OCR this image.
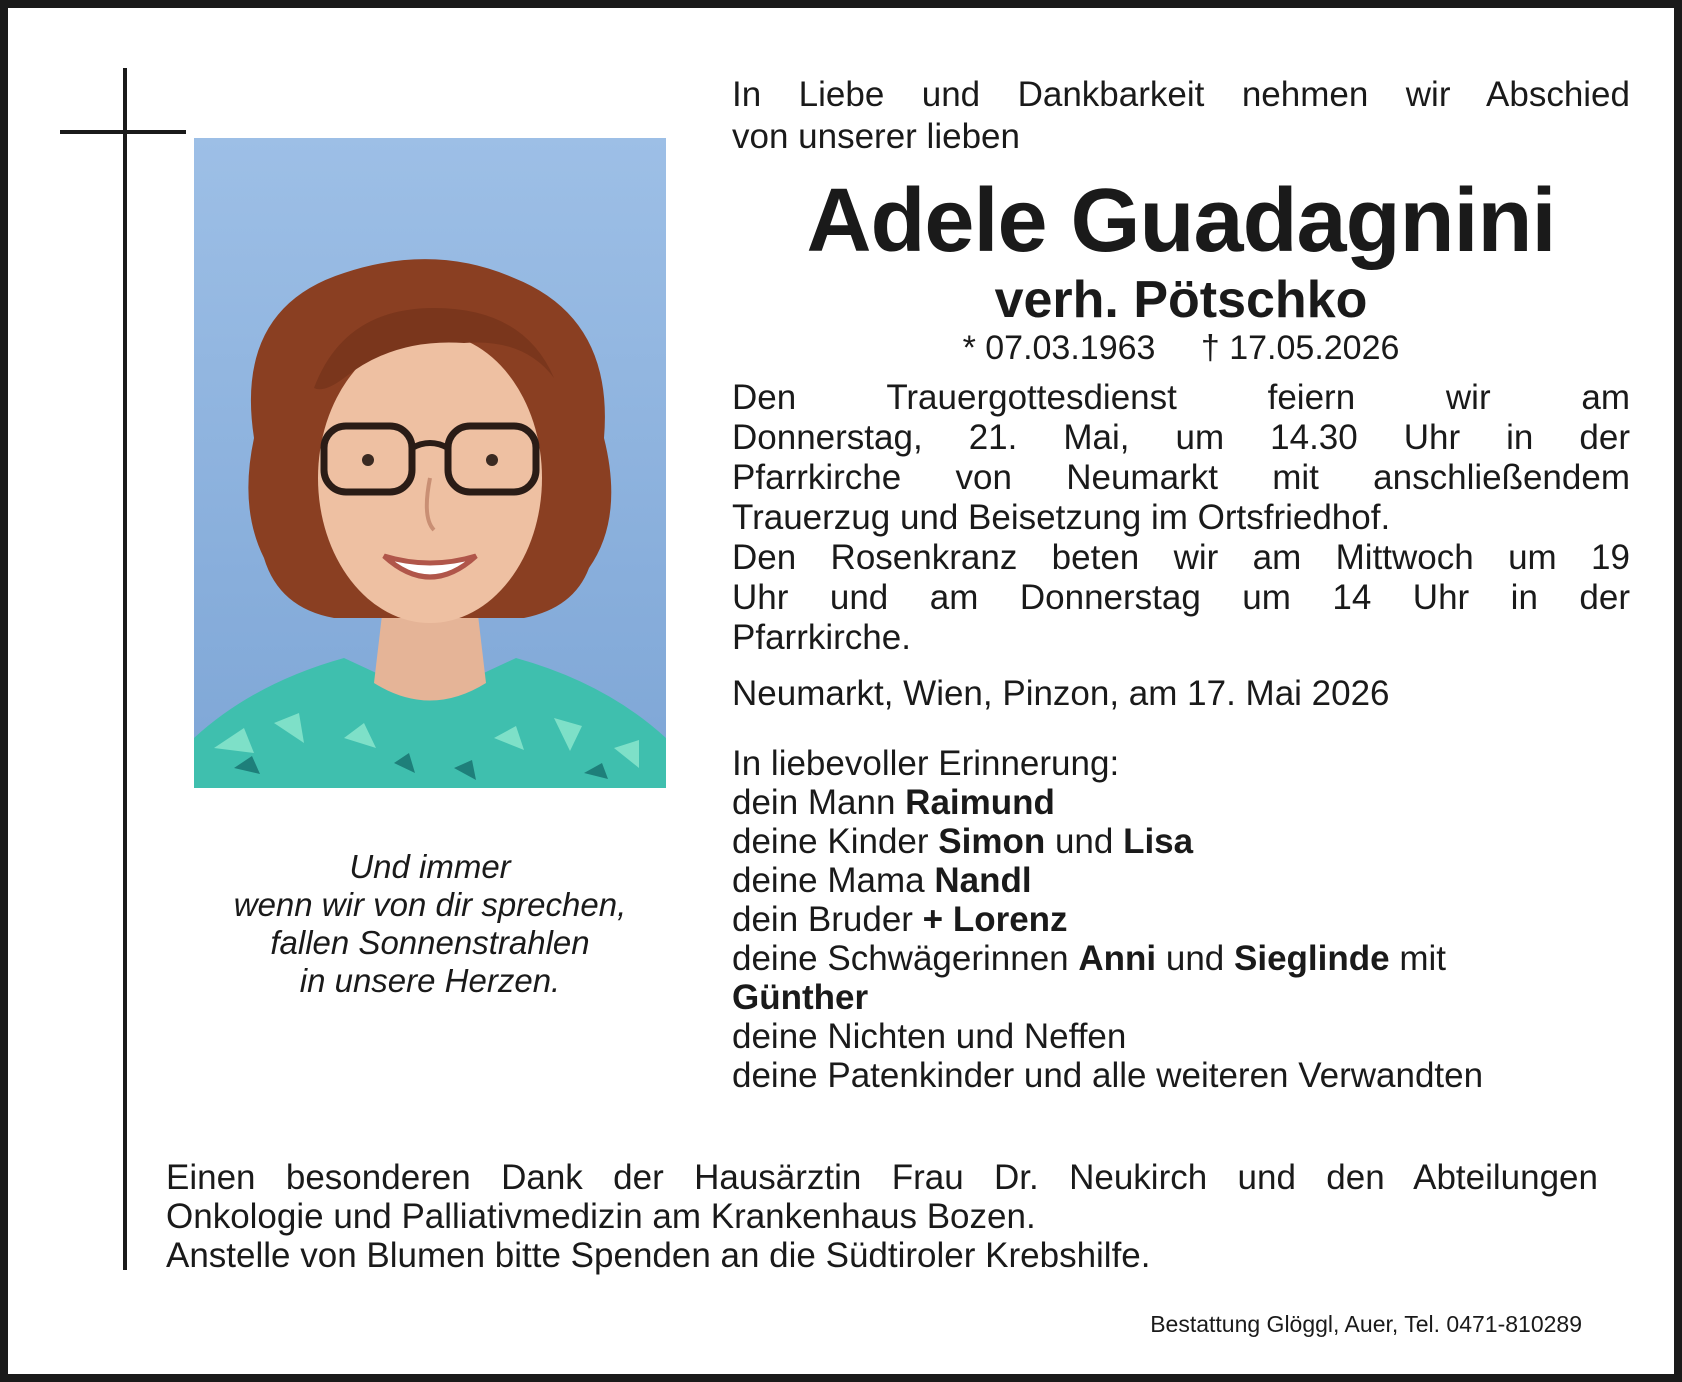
Und immer
wenn wir von dir sprechen,
fallen Sonnenstrahlen
in unsere Herzen.
In Liebe und Dankbarkeit nehmen wir Abschied
von unserer lieben
Adele Guadagnini
verh. Pötschko
* 07.03.1963 † 17.05.2026
Den Trauergottesdienst feiern wir am
Donnerstag, 21. Mai, um 14.30 Uhr in der
Pfarrkirche von Neumarkt mit anschließendem
Trauerzug und Beisetzung im Ortsfriedhof.
Den Rosenkranz beten wir am Mittwoch um 19
Uhr und am Donnerstag um 14 Uhr in der
Pfarrkirche.
Neumarkt, Wien, Pinzon, am 17. Mai 2026
In liebevoller Erinnerung:
dein Mann Raimund
deine Kinder Simon und Lisa
deine Mama Nandl
dein Bruder + Lorenz
deine Schwägerinnen Anni und Sieglinde mit
Günther
deine Nichten und Neffen
deine Patenkinder und alle weiteren Verwandten
Einen besonderen Dank der Hausärztin Frau Dr. Neukirch und den Abteilungen
Onkologie und Palliativmedizin am Krankenhaus Bozen.
Anstelle von Blumen bitte Spenden an die Südtiroler Krebshilfe.
Bestattung Glöggl, Auer, Tel. 0471-810289
